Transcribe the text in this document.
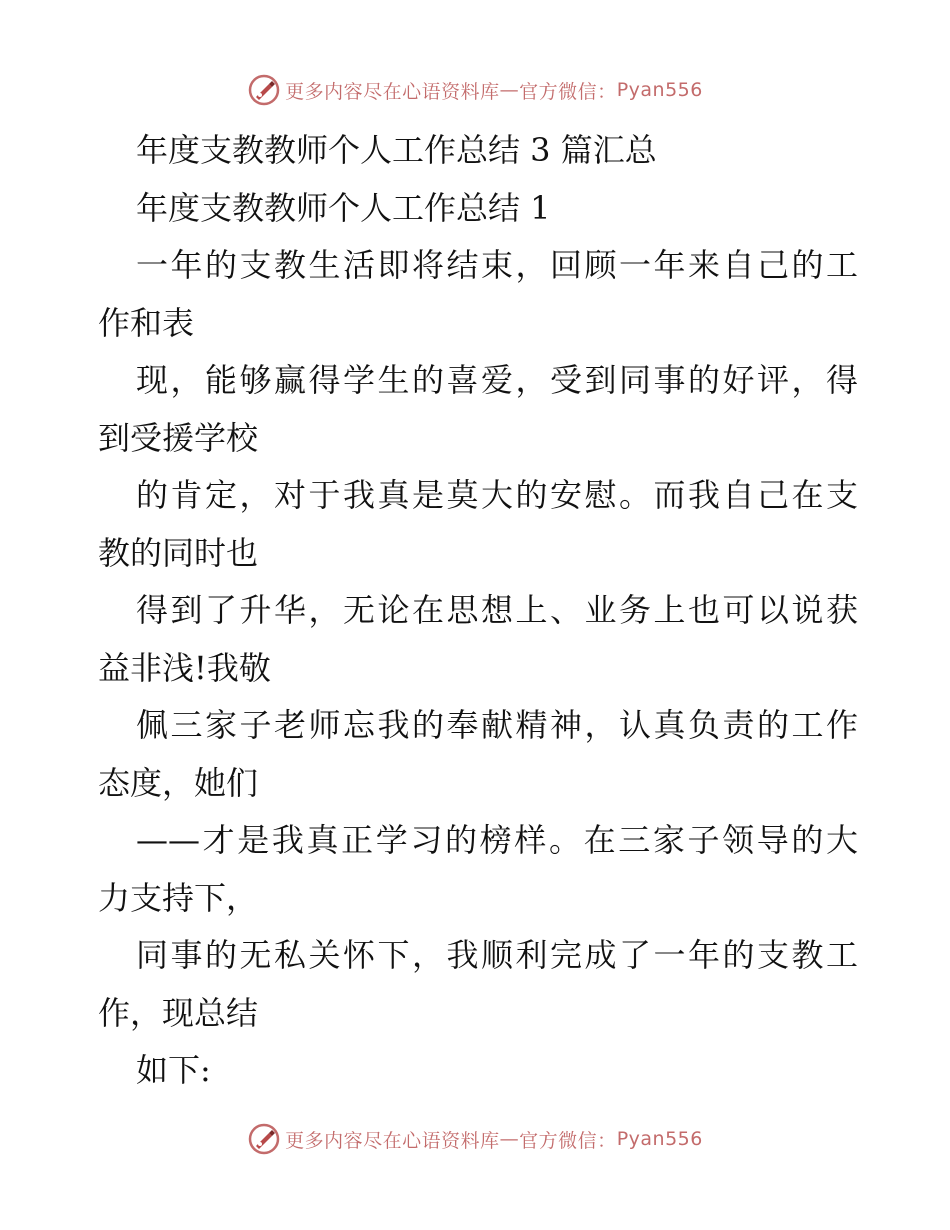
更多内容尽在心语资料库 — 官方微信： Pyan556
年度支教教师个人工作总结 3 篇汇总
年度支教教师个人工作总结 1
一年的支教生活即将结束，回顾一年来自己的工
作和表
现，能够赢得学生的喜爱，受到同事的好评，得
到受援学校
的肯定，对于我真是莫大的安慰。而我自己在支
教的同时也
得到了升华，无论在思想上、业务上也可以说获
益非浅!我敬
佩三家子老师忘我的奉献精神，认真负责的工作
态度，她们
——才是我真正学习的榜样。在三家子领导的大
力支持下，
同事的无私关怀下，我顺利完成了一年的支教工
作，现总结
如下:
更多内容尽在心语资料库 — 官方微信： Pyan556
